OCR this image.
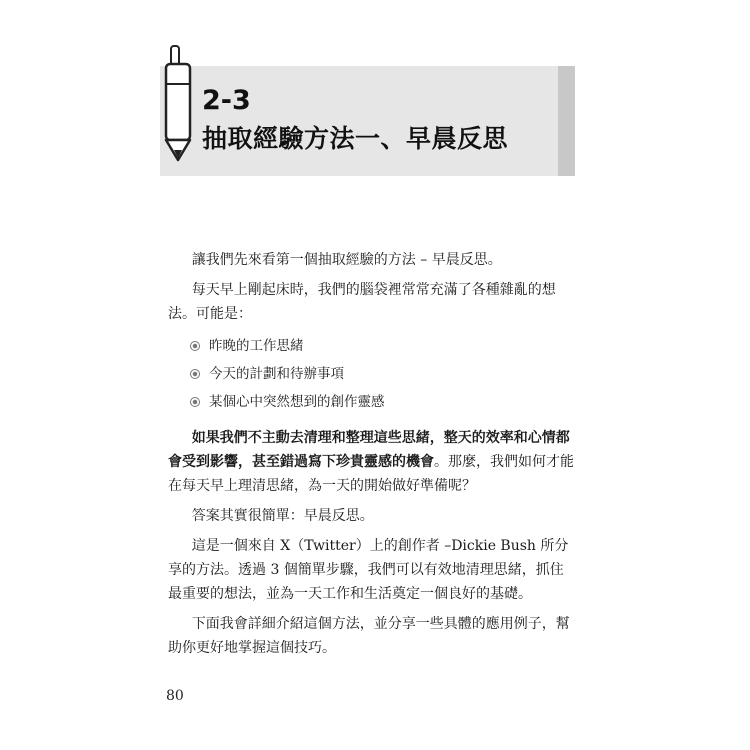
2-3
抽取經驗方法一、早晨反思

讓我們先來看第一個抽取經驗的方法 – 早晨反思。

每天早上剛起床時，我們的腦袋裡常常充滿了各種雜亂的想法。可能是：

昨晚的工作思緒
今天的計劃和待辦事項
某個心中突然想到的創作靈感

如果我們不主動去清理和整理這些思緒，整天的效率和心情都會受到影響，甚至錯過寫下珍貴靈感的機會。那麼，我們如何才能在每天早上理清思緒，為一天的開始做好準備呢？

答案其實很簡單：早晨反思。

這是一個來自 X（Twitter）上的創作者 –Dickie Bush 所分享的方法。透過 3 個簡單步驟，我們可以有效地清理思緒，抓住最重要的想法，並為一天工作和生活奠定一個良好的基礎。

下面我會詳細介紹這個方法，並分享一些具體的應用例子，幫助你更好地掌握這個技巧。

80
